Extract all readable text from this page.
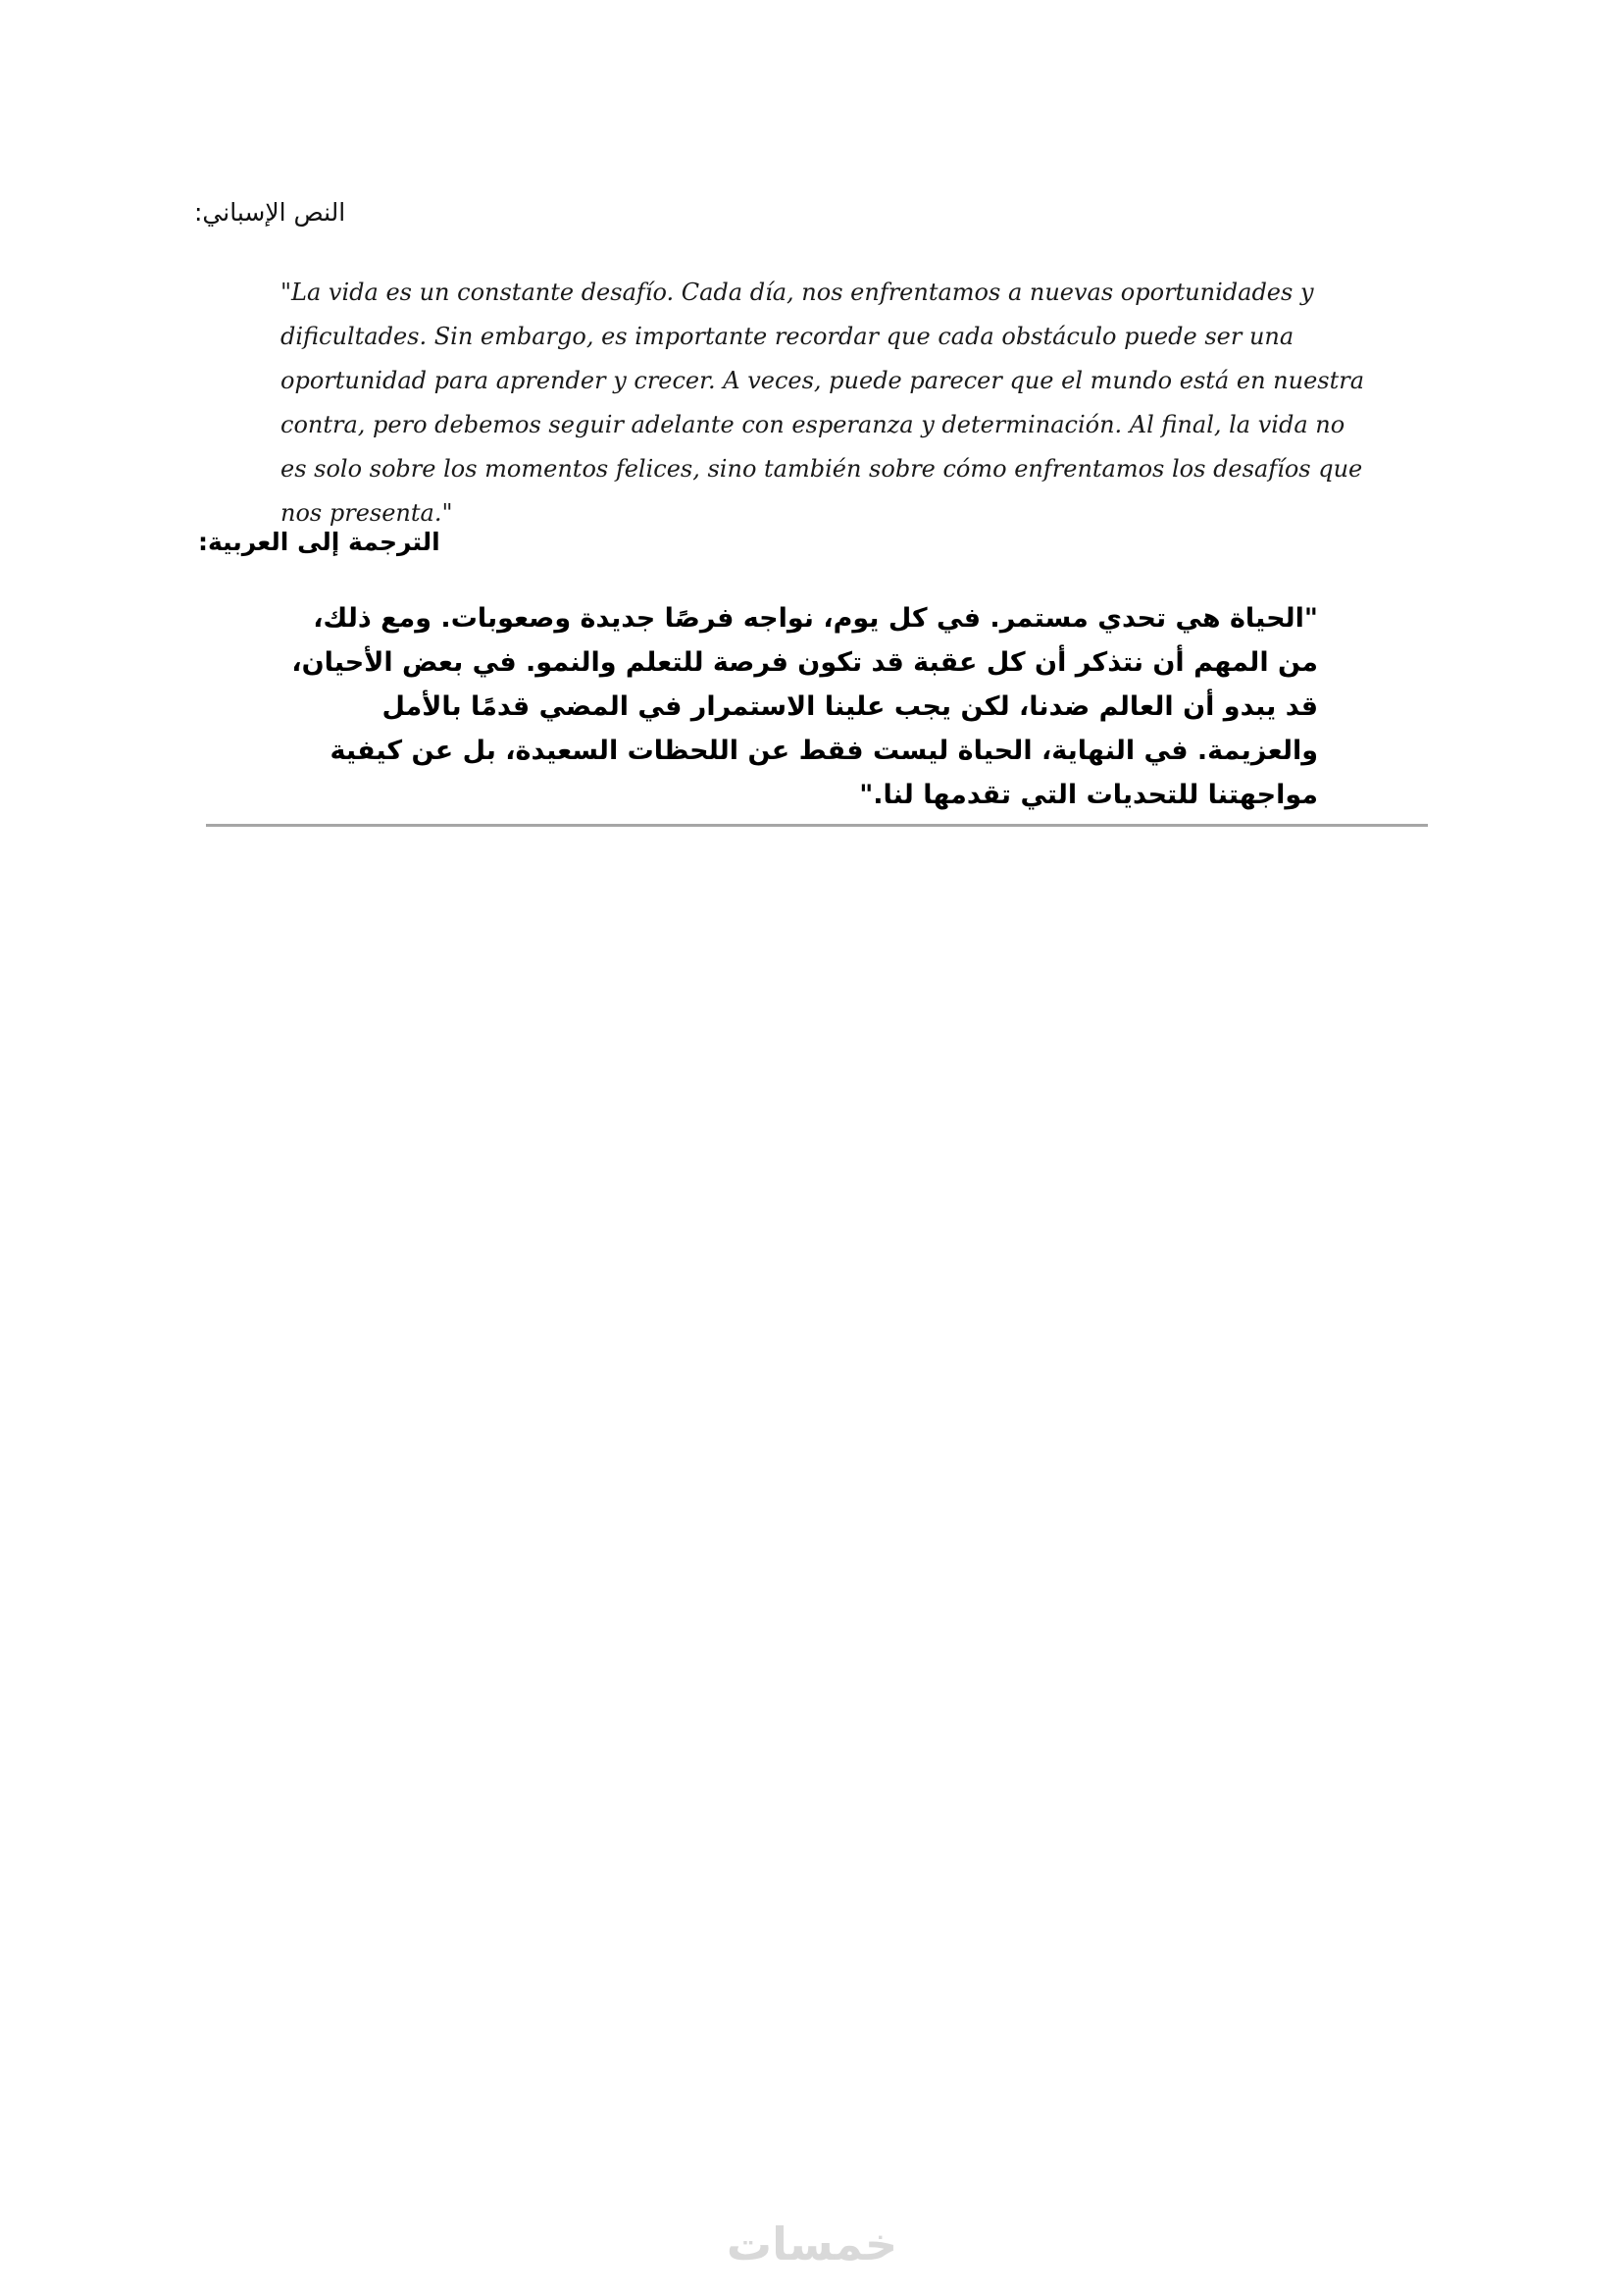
النص الإسباني:

"La vida es un constante desafío. Cada día, nos enfrentamos a nuevas oportunidades y dificultades. Sin embargo, es importante recordar que cada obstáculo puede ser una oportunidad para aprender y crecer. A veces, puede parecer que el mundo está en nuestra contra, pero debemos seguir adelante con esperanza y determinación. Al final, la vida no es solo sobre los momentos felices, sino también sobre cómo enfrentamos los desafíos que nos presenta."

الترجمة إلى العربية:

"الحياة هي تحدي مستمر. في كل يوم، نواجه فرصًا جديدة وصعوبات. ومع ذلك، من المهم أن نتذكر أن كل عقبة قد تكون فرصة للتعلم والنمو. في بعض الأحيان، قد يبدو أن العالم ضدنا، لكن يجب علينا الاستمرار في المضي قدمًا بالأمل والعزيمة. في النهاية، الحياة ليست فقط عن اللحظات السعيدة، بل عن كيفية مواجهتنا للتحديات التي تقدمها لنا."

خمسات
